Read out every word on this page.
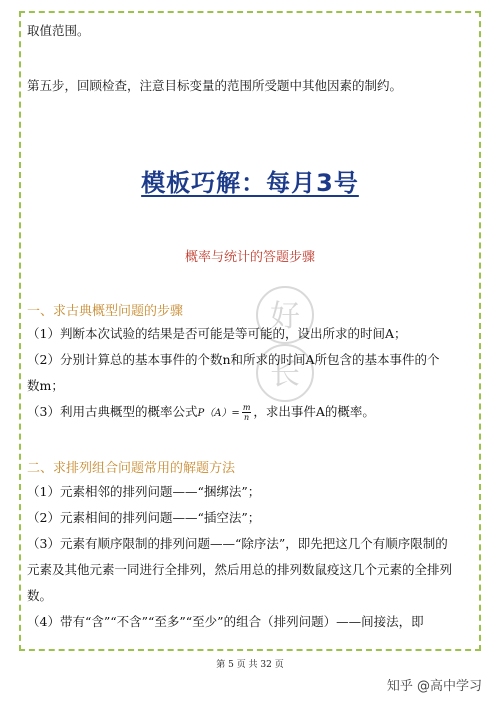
取值范围。
第五步，回顾检查，注意目标变量的范围所受题中其他因素的制约。
模板巧解：每月3号
概率与统计的答题步骤
好
长
一、求古典概型问题的步骤
（1）判断本次试验的结果是否可能是等可能的，设出所求的时间A；
（2）分别计算总的基本事件的个数n和所求的时间A所包含的基本事件的个
数m；
（3）利用古典概型的概率公式$P(A)= \frac{m}{n}$ ，求出事件A的概率。
二、求排列组合问题常用的解题方法
（1）元素相邻的排列问题——“捆绑法”；
（2）元素相间的排列问题——“插空法”；
（3）元素有顺序限制的排列问题——“除序法”，即先把这几个有顺序限制的
元素及其他元素一同进行全排列，然后用总的排列数鼠疫这几个元素的全排列
数。
（4）带有“含”“不含”“至多”“至少”的组合（排列问题）——间接法，即
第 5 页 共 32 页
知乎 @高中学习
